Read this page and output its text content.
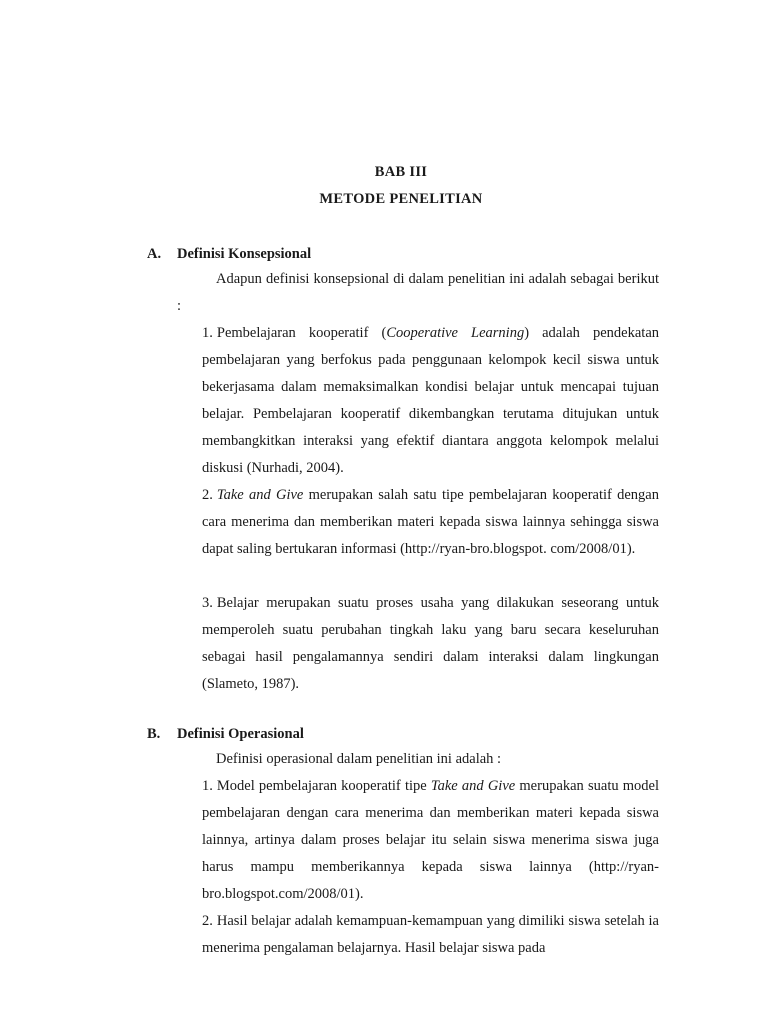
BAB III
METODE PENELITIAN
A. Definisi Konsepsional

Adapun definisi konsepsional di dalam penelitian ini adalah sebagai berikut :

1. Pembelajaran kooperatif (Cooperative Learning) adalah pendekatan pembelajaran yang berfokus pada penggunaan kelompok kecil siswa untuk bekerjasama dalam memaksimalkan kondisi belajar untuk mencapai tujuan belajar. Pembelajaran kooperatif dikembangkan terutama ditujukan untuk membangkitkan interaksi yang efektif diantara anggota kelompok melalui diskusi (Nurhadi, 2004).

2. Take and Give merupakan salah satu tipe pembelajaran kooperatif dengan cara menerima dan memberikan materi kepada siswa lainnya sehingga siswa dapat saling bertukaran informasi (http://ryan-bro.blogspot. com/2008/01).

3. Belajar merupakan suatu proses usaha yang dilakukan seseorang untuk memperoleh suatu perubahan tingkah laku yang baru secara keseluruhan sebagai hasil pengalamannya sendiri dalam interaksi dalam lingkungan (Slameto, 1987).

B. Definisi Operasional

Definisi operasional dalam penelitian ini adalah :

1. Model pembelajaran kooperatif tipe Take and Give merupakan suatu model pembelajaran dengan cara menerima dan memberikan materi kepada siswa lainnya, artinya dalam proses belajar itu selain siswa menerima siswa juga harus mampu memberikannya kepada siswa lainnya (http://ryan-bro.blogspot.com/2008/01).

2. Hasil belajar adalah kemampuan-kemampuan yang dimiliki siswa setelah ia menerima pengalaman belajarnya. Hasil belajar siswa pada
